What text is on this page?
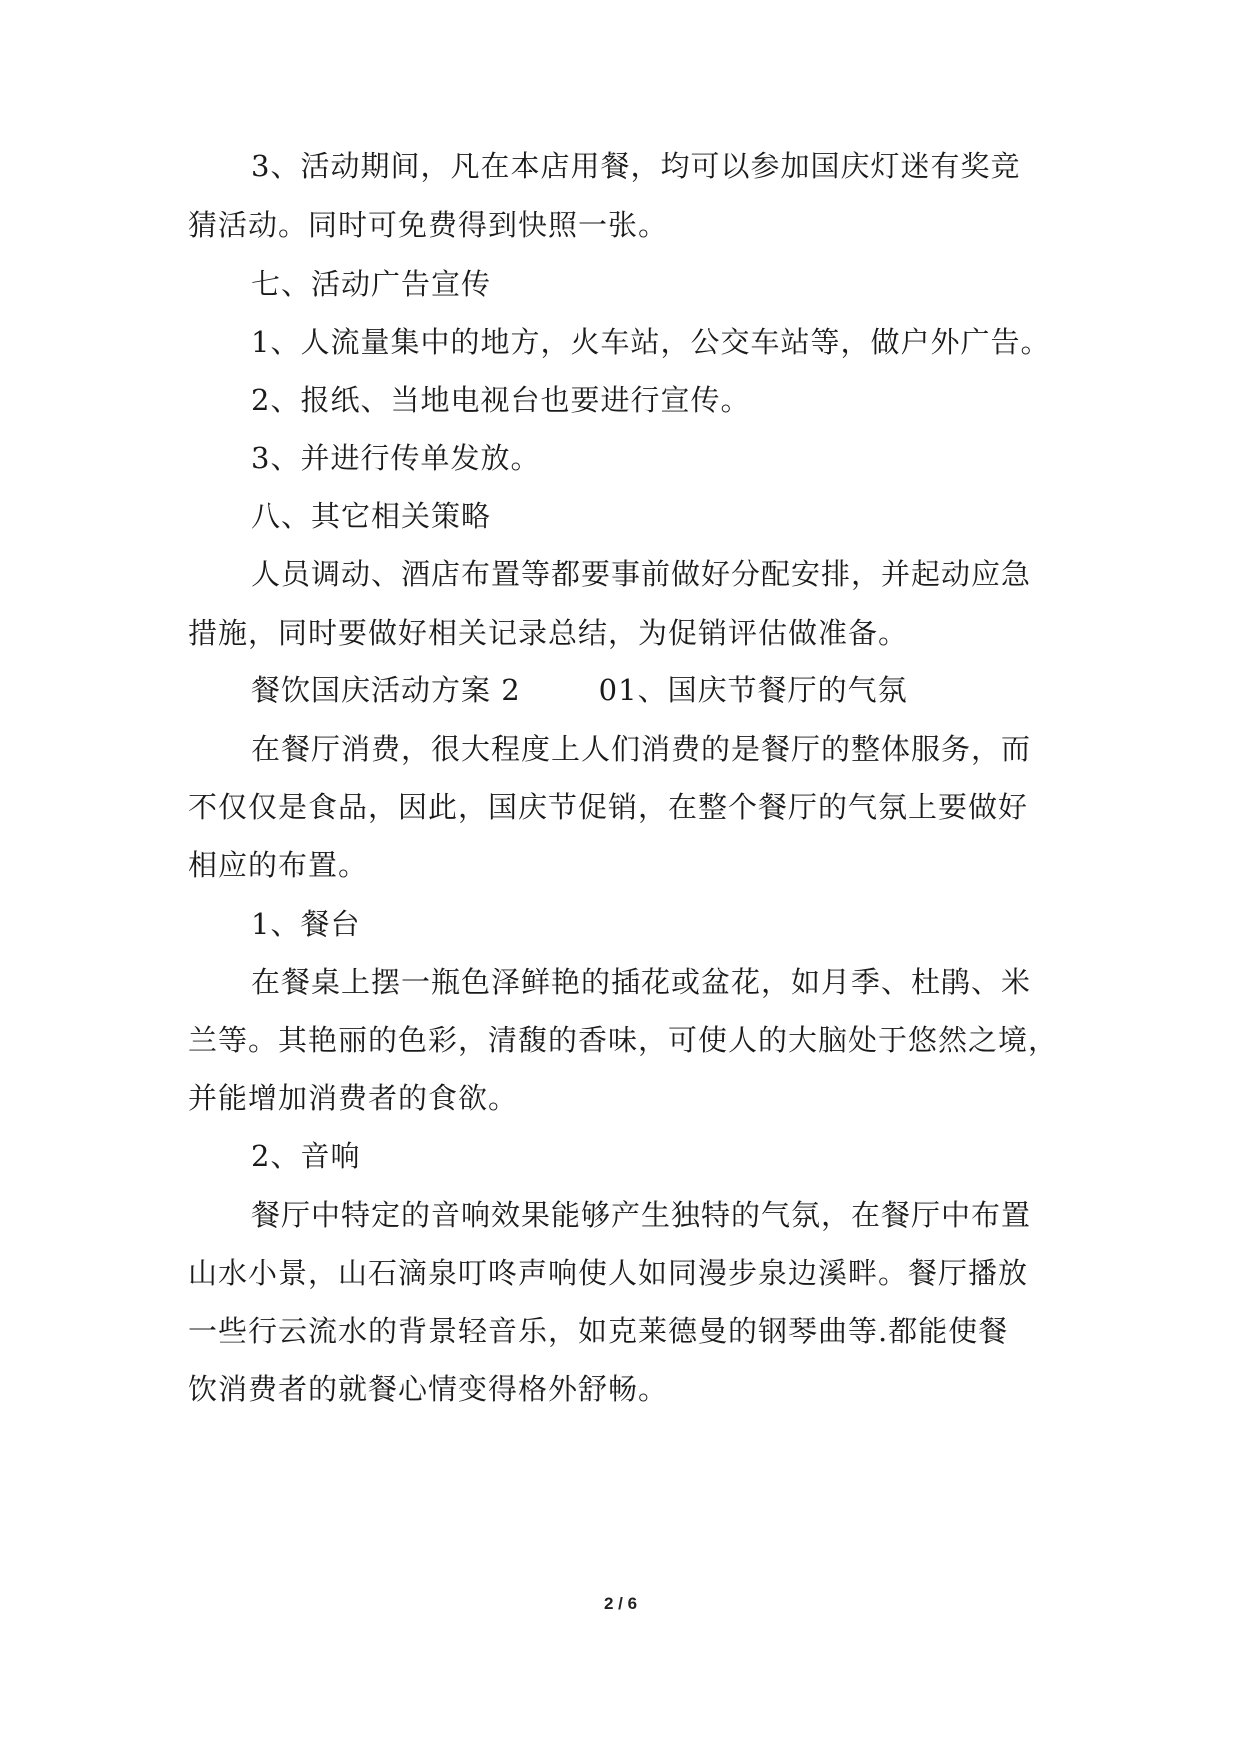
3、活动期间，凡在本店用餐，均可以参加国庆灯迷有奖竞
猜活动。同时可免费得到快照一张。
七、活动广告宣传
1、人流量集中的地方，火车站，公交车站等，做户外广告。
2、报纸、当地电视台也要进行宣传。
3、并进行传单发放。
八、其它相关策略
人员调动、酒店布置等都要事前做好分配安排，并起动应急
措施，同时要做好相关记录总结，为促销评估做准备。
餐饮国庆活动方案 2	01、国庆节餐厅的气氛
在餐厅消费，很大程度上人们消费的是餐厅的整体服务，而
不仅仅是食品，因此，国庆节促销，在整个餐厅的气氛上要做好
相应的布置。
1、餐台
在餐桌上摆一瓶色泽鲜艳的插花或盆花，如月季、杜鹃、米
兰等。其艳丽的色彩，清馥的香味，可使人的大脑处于悠然之境，
并能增加消费者的食欲。
2、音响
餐厅中特定的音响效果能够产生独特的气氛，在餐厅中布置
山水小景，山石滴泉叮咚声响使人如同漫步泉边溪畔。餐厅播放
一些行云流水的背景轻音乐，如克莱德曼的钢琴曲等.都能使餐
饮消费者的就餐心情变得格外舒畅。
2 / 6
